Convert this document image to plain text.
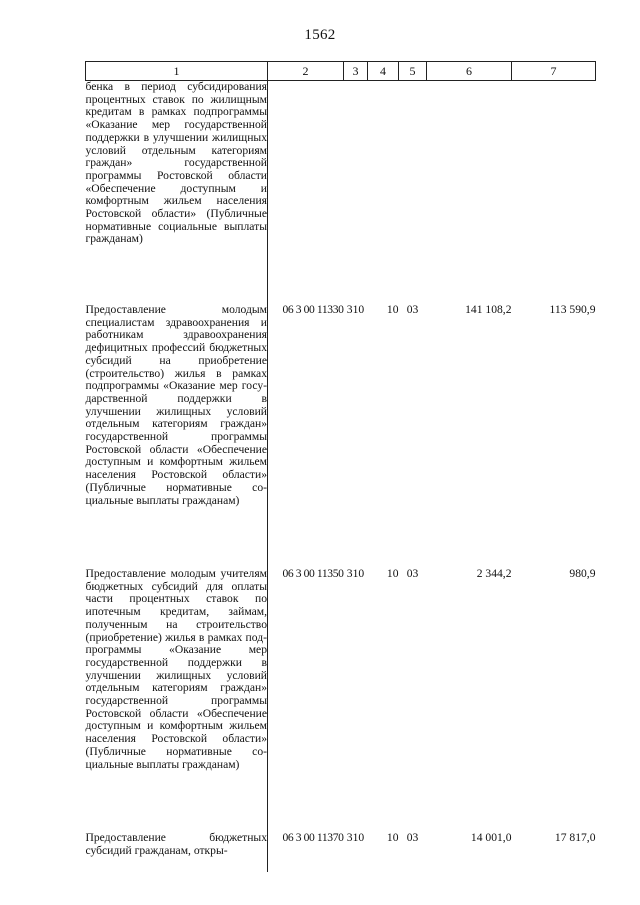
1562
1	2	3	4	5	6	7
бенка в период субсидирования процентных ставок по жилищным кредитам в рамках подпрограммы «Оказание мер государственной поддержки в улучшении жилищных условий отдельным категориям граждан» государственной программы Ростовской области «Обеспечение доступным и комфортным жильем населения Ростовской области» (Публичные нормативные социальные выплаты гражданам)						
Предоставление молодым специалистам здравоохранения и работникам здравоохранения дефицитных профессий бюджетных субсидий на приобретение (строительство) жилья в рамках подпрограммы «Оказание мер государственной поддержки в улучшении жилищных условий отдельным категориям граждан» государственной программы Ростовской области «Обеспечение доступным и комфортным жильем населения Ростовской области» (Публичные нормативные социальные выплаты гражданам)	06 3 00 11330	310	10	03	141 108,2	113 590,9
Предоставление молодым учителям бюджетных субсидий для оплаты части процентных ставок по ипотечным кредитам, займам, полученным на строительство (приобретение) жилья в рамках подпрограммы «Оказание мер государственной поддержки в улучшении жилищных условий отдельным категориям граждан» государственной программы Ростовской области «Обеспечение доступным и комфортным жильем населения Ростовской области» (Публичные нормативные социальные выплаты гражданам)	06 3 00 11350	310	10	03	2 344,2	980,9
Предоставление бюджетных субсидий гражданам, откры-	06 3 00 11370	310	10	03	14 001,0	17 817,0
